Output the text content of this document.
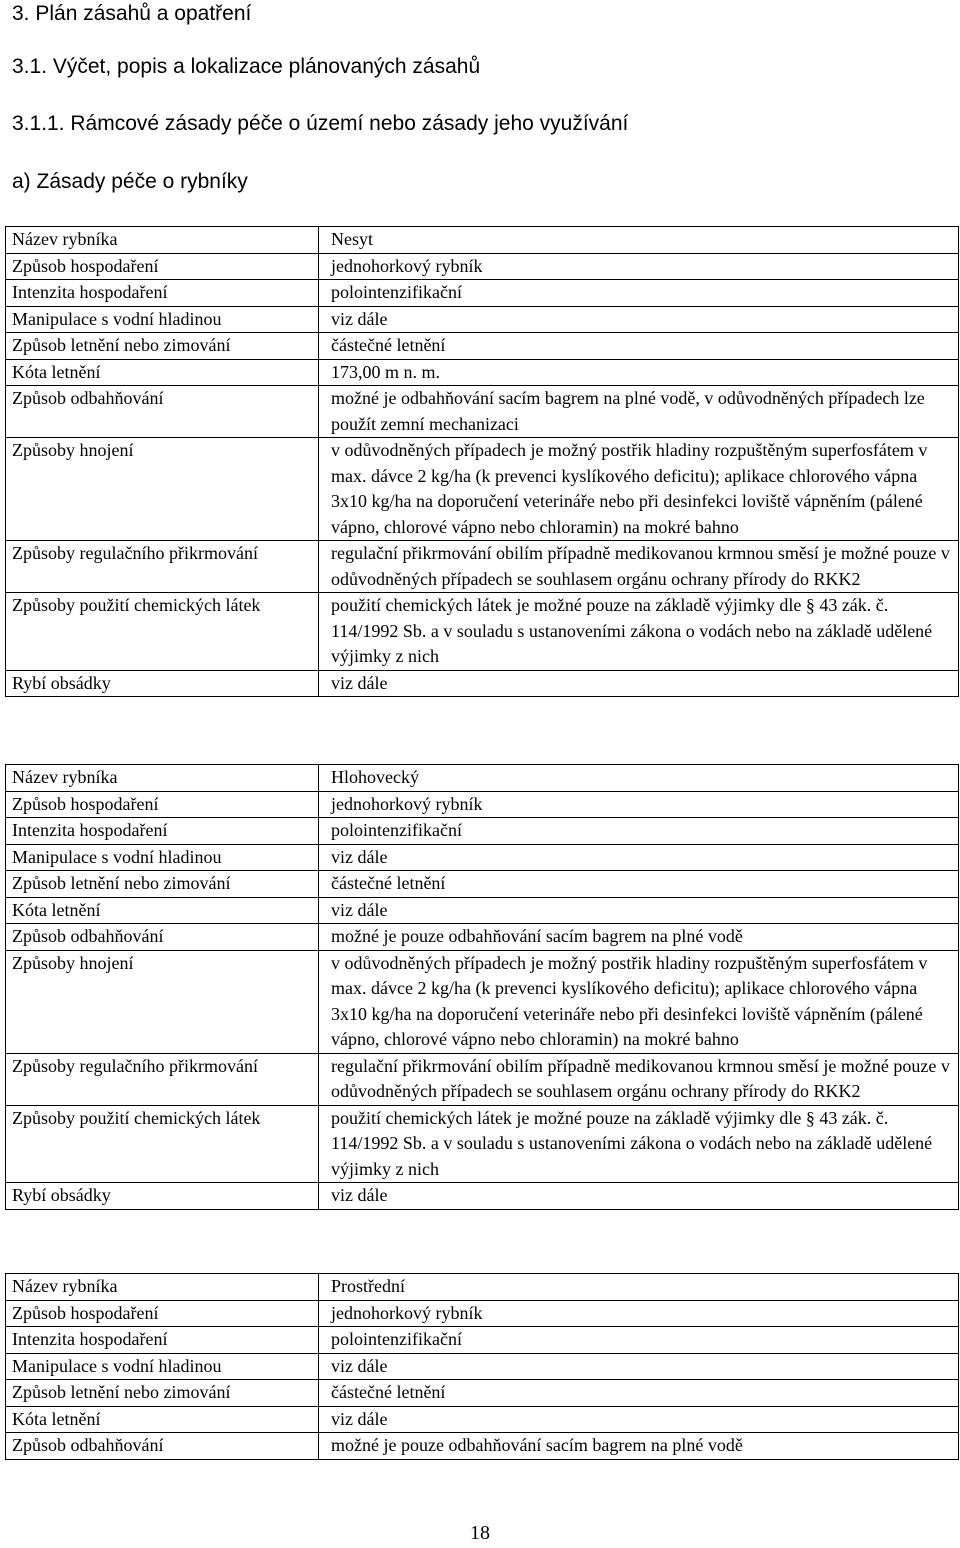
3. Plán zásahů a opatření
3.1. Výčet, popis a lokalizace plánovaných zásahů
3.1.1. Rámcové zásady péče o území nebo zásady jeho využívání
a) Zásady péče o rybníky
Název rybníka	Nesyt
Způsob hospodaření	jednohorkový rybník
Intenzita hospodaření	polointenzifikační
Manipulace s vodní hladinou	viz dále
Způsob letnění nebo zimování	částečné letnění
Kóta letnění	173,00 m n. m.
Způsob odbahňování	možné je odbahňování sacím bagrem na plné vodě, v odůvodněných případech lze použít zemní mechanizaci
Způsoby hnojení	v odůvodněných případech je možný postřik hladiny rozpuštěným superfosfátem v max. dávce 2 kg/ha (k prevenci kyslíkového deficitu); aplikace chlorového vápna 3x10 kg/ha na doporučení veterináře nebo při desinfekci loviště vápněním (pálené vápno, chlorové vápno nebo chloramin) na mokré bahno
Způsoby regulačního přikrmování	regulační přikrmování obilím případně medikovanou krmnou směsí je možné pouze v odůvodněných případech se souhlasem orgánu ochrany přírody do RKK2
Způsoby použití chemických látek	použití chemických látek je možné pouze na základě výjimky dle § 43 zák. č. 114/1992 Sb. a v souladu s ustanoveními zákona o vodách nebo na základě udělené výjimky z nich
Rybí obsádky	viz dále
Název rybníka	Hlohovecký
Způsob hospodaření	jednohorkový rybník
Intenzita hospodaření	polointenzifikační
Manipulace s vodní hladinou	viz dále
Způsob letnění nebo zimování	částečné letnění
Kóta letnění	viz dále
Způsob odbahňování	možné je pouze odbahňování sacím bagrem na plné vodě
Způsoby hnojení	v odůvodněných případech je možný postřik hladiny rozpuštěným superfosfátem v max. dávce 2 kg/ha (k prevenci kyslíkového deficitu); aplikace chlorového vápna 3x10 kg/ha na doporučení veterináře nebo při desinfekci loviště vápněním (pálené vápno, chlorové vápno nebo chloramin) na mokré bahno
Způsoby regulačního přikrmování	regulační přikrmování obilím případně medikovanou krmnou směsí je možné pouze v odůvodněných případech se souhlasem orgánu ochrany přírody do RKK2
Způsoby použití chemických látek	použití chemických látek je možné pouze na základě výjimky dle § 43 zák. č. 114/1992 Sb. a v souladu s ustanoveními zákona o vodách nebo na základě udělené výjimky z nich
Rybí obsádky	viz dále
Název rybníka	Prostřední
Způsob hospodaření	jednohorkový rybník
Intenzita hospodaření	polointenzifikační
Manipulace s vodní hladinou	viz dále
Způsob letnění nebo zimování	částečné letnění
Kóta letnění	viz dále
Způsob odbahňování	možné je pouze odbahňování sacím bagrem na plné vodě
18
